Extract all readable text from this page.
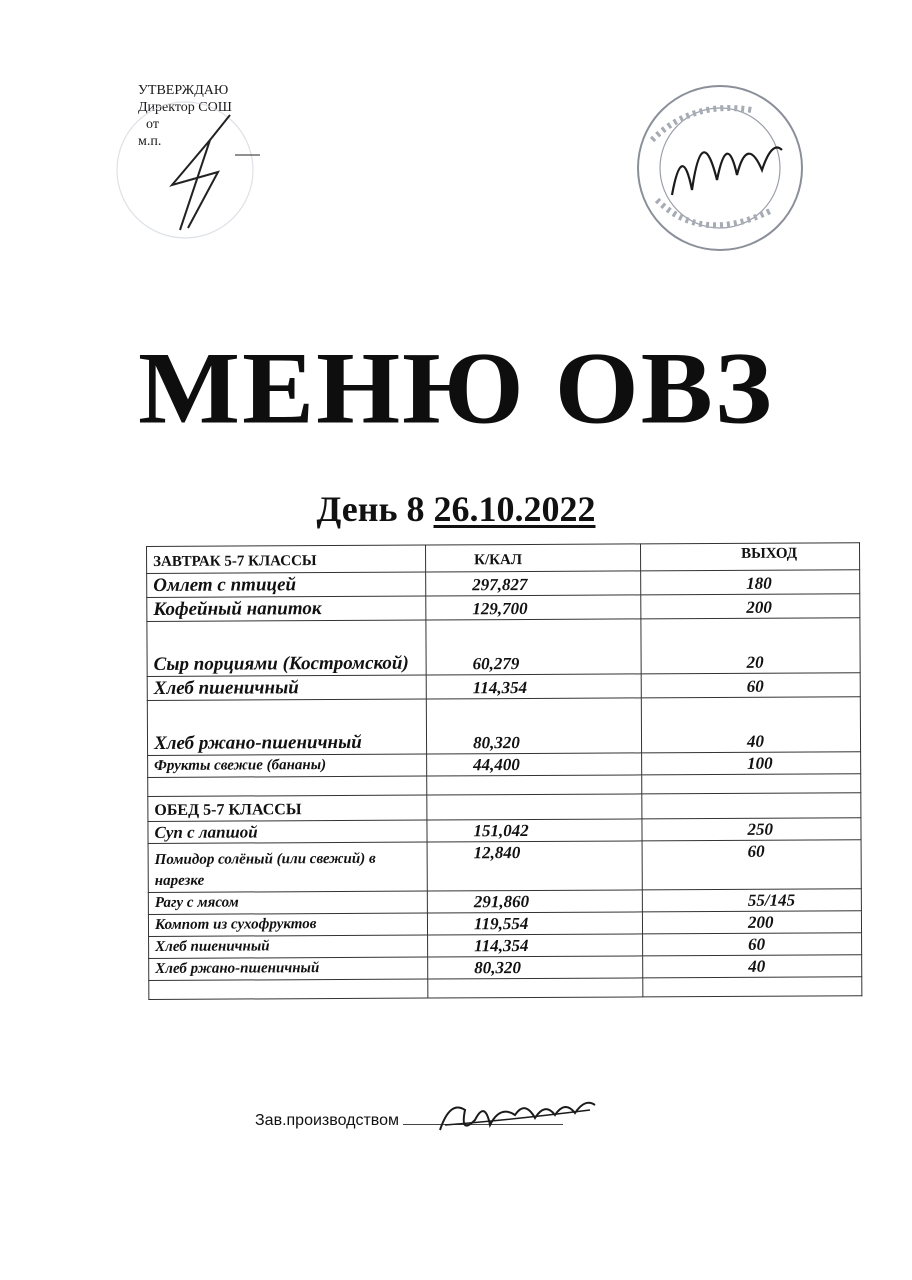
УТВЕРЖДАЮ
Директор СОШ
от
м.п.
МЕНЮ ОВЗ
День 8 26.10.2022
ЗАВТРАК 5-7 КЛАССЫ	К/КАЛ	ВЫХОД
Омлет с птицей	297,827	180
Кофейный напиток	129,700	200
Сыр порциями (Костромской)	60,279	20
Хлеб пшеничный	114,354	60
Хлеб ржано-пшеничный	80,320	40
Фрукты свежие (бананы)	44,400	100

ОБЕД 5-7 КЛАССЫ		
Суп с лапшой	151,042	250
Помидор солёный (или свежий) в нарезке	12,840	60
Рагу с мясом	291,860	55/145
Компот из сухофруктов	119,554	200
Хлеб пшеничный	114,354	60
Хлеб ржано-пшеничный	80,320	40

Зав.производством
